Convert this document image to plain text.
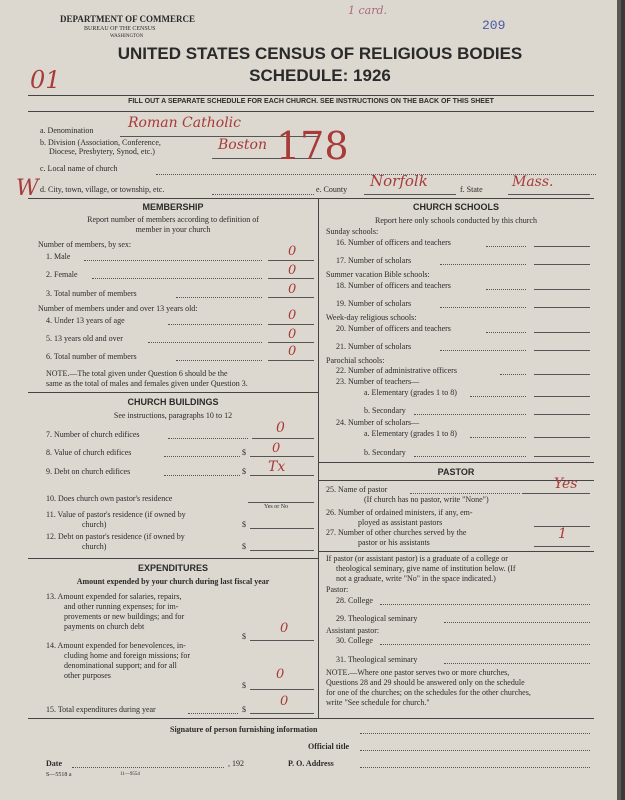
DEPARTMENT OF COMMERCE
BUREAU OF THE CENSUS
WASHINGTON
1 card.
209
UNITED STATES CENSUS OF RELIGIOUS BODIES
SCHEDULE: 1926
01
FILL OUT A SEPARATE SCHEDULE FOR EACH CHURCH. SEE INSTRUCTIONS ON THE BACK OF THIS SHEET
a. Denomination Roman Catholic
b. Division (Association, Conference,
Diocese, Presbytery, Synod, etc.)	Boston 178
c. Local name of church
W d. City, town, village, or township, etc.	e. County Norfolk	f. State Mass.
MEMBERSHIP
Report number of members according to definition of
member in your church
Number of members, by sex:
1. Male	0
2. Female	0
3. Total number of members	0
Number of members under and over 13 years old:
4. Under 13 years of age	0
5. 13 years old and over	0
6. Total number of members	0
NOTE.—The total given under Question 6 should be the
same as the total of males and females given under Question 3.
CHURCH BUILDINGS
See instructions, paragraphs 10 to 12
7. Number of church edifices	0
8. Value of church edifices	$ 0
9. Debt on church edifices	$ Tx
10. Does church own pastor's residence
Yes or No
11. Value of pastor's residence (if owned by
church)	$
12. Debt on pastor's residence (if owned by
church)	$
EXPENDITURES
Amount expended by your church during last fiscal year
13. Amount expended for salaries, repairs,
and other running expenses; for im-
provements or new buildings; and for
payments on church debt
$
0
14. Amount expended for benevolences, in-
cluding home and foreign missions; for
denominational support; and for all
other purposes
$
0
15. Total expenditures during year	$
0
CHURCH SCHOOLS
Report here only schools conducted by this church
Sunday schools:
16. Number of officers and teachers
17. Number of scholars
Summer vacation Bible schools:
18. Number of officers and teachers
19. Number of scholars
Week-day religious schools:
20. Number of officers and teachers
21. Number of scholars
Parochial schools:
22. Number of administrative officers
23. Number of teachers—
a. Elementary (grades 1 to 8)
b. Secondary
24. Number of scholars—
a. Elementary (grades 1 to 8)
b. Secondary
PASTOR
25. Name of pastor	Yes
(If church has no pastor, write "None")
26. Number of ordained ministers, if any, em-
ployed as assistant pastors
27. Number of other churches served by the
pastor or his assistants
1
If pastor (or assistant pastor) is a graduate of a college or
theological seminary, give name of institution below. (If
not a graduate, write "No" in the space indicated.)
Pastor:
28. College
29. Theological seminary
Assistant pastor:
30. College
31. Theological seminary
NOTE.—Where one pastor serves two or more churches,
Questions 28 and 29 should be answered only on the schedule
for one of the churches; on the schedules for the other churches,
write "See schedule for church."
Signature of person furnishing information
Official title
Date	, 192	P. O. Address
S—5518 a	11—9554
